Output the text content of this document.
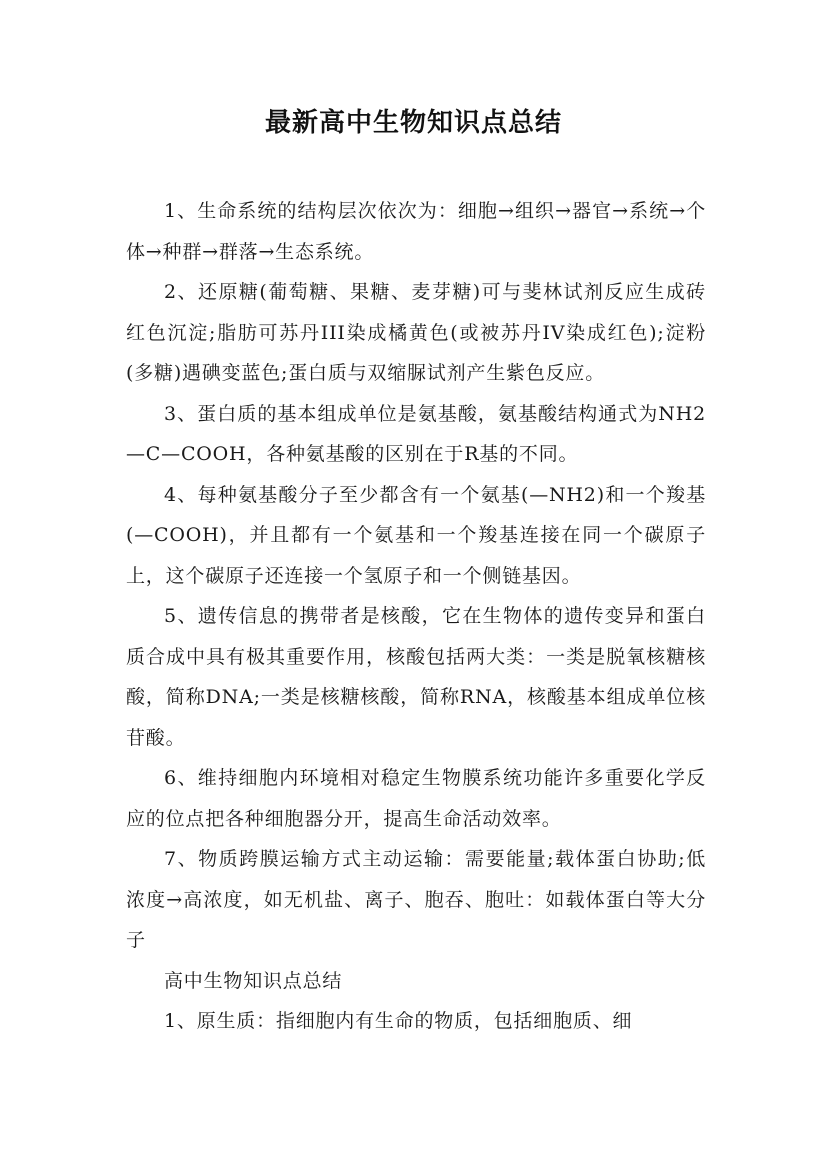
最新高中生物知识点总结

1、生命系统的结构层次依次为：细胞→组织→器官→系统→个体→种群→群落→生态系统。

2、还原糖(葡萄糖、果糖、麦芽糖)可与斐林试剂反应生成砖红色沉淀;脂肪可苏丹III染成橘黄色(或被苏丹IV染成红色);淀粉(多糖)遇碘变蓝色;蛋白质与双缩脲试剂产生紫色反应。

3、蛋白质的基本组成单位是氨基酸，氨基酸结构通式为NH2—C—COOH，各种氨基酸的区别在于R基的不同。

4、每种氨基酸分子至少都含有一个氨基(—NH2)和一个羧基(—COOH)，并且都有一个氨基和一个羧基连接在同一个碳原子上，这个碳原子还连接一个氢原子和一个侧链基因。

5、遗传信息的携带者是核酸，它在生物体的遗传变异和蛋白质合成中具有极其重要作用，核酸包括两大类：一类是脱氧核糖核酸，简称DNA;一类是核糖核酸，简称RNA，核酸基本组成单位核苷酸。

6、维持细胞内环境相对稳定生物膜系统功能许多重要化学反应的位点把各种细胞器分开，提高生命活动效率。

7、物质跨膜运输方式主动运输：需要能量;载体蛋白协助;低浓度→高浓度，如无机盐、离子、胞吞、胞吐：如载体蛋白等大分子

高中生物知识点总结

1、原生质：指细胞内有生命的物质，包括细胞质、细
